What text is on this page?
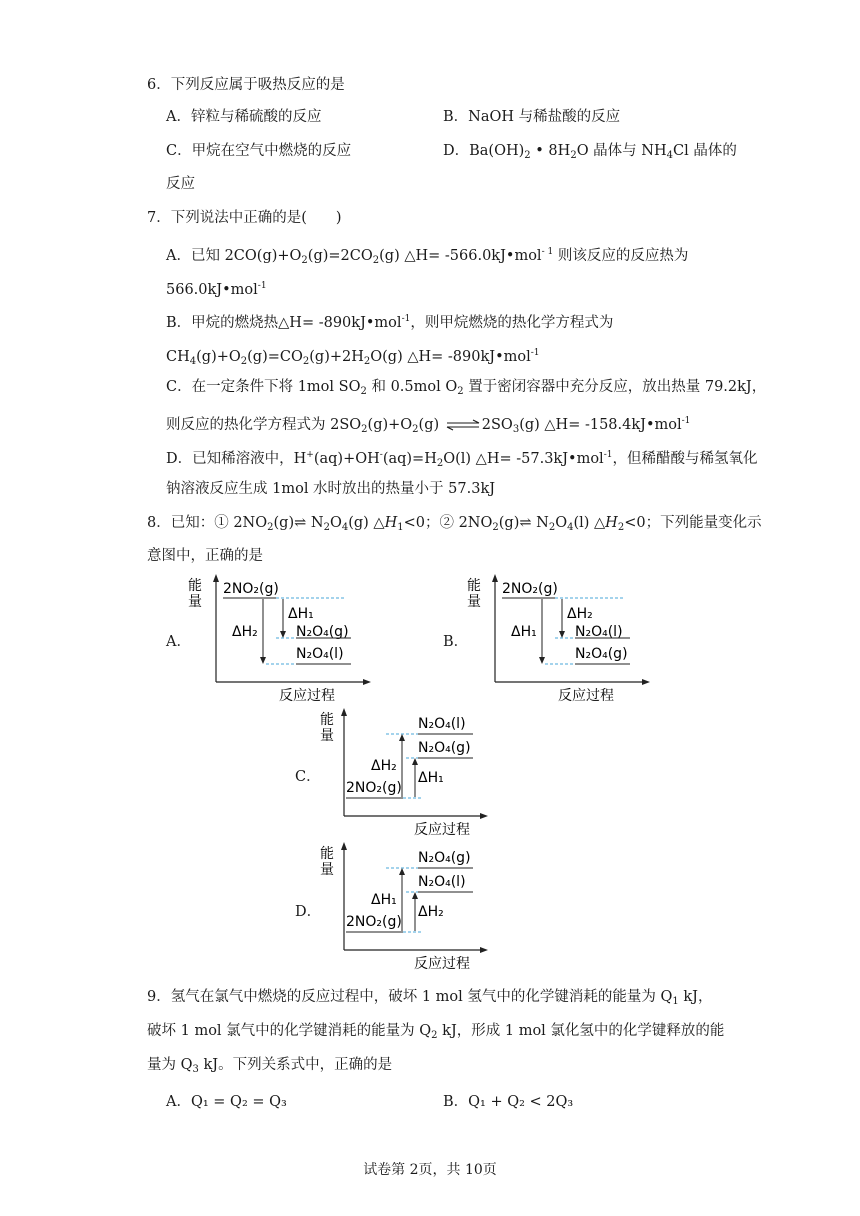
6．下列反应属于吸热反应的是
A．锌粒与稀硫酸的反应	B．NaOH 与稀盐酸的反应
C．甲烷在空气中燃烧的反应	D．$Ba(OH)_2$ • $8H_2O$ 晶体与 $NH_4Cl$ 晶体的
反应
7．下列说法中正确的是(　　)
A．已知 $2CO(g)+O_2(g)=2CO_2(g)$ △H= -566.0kJ•mol$^{- 1}$ 则该反应的反应热为
566.0kJ•mol$^{-1}$
B．甲烷的燃烧热△H= -890kJ•mol$^{-1}$，则甲烷燃烧的热化学方程式为
$CH_4(g)+O_2(g)=CO_2(g)+2H_2O(g)$ △H= -890kJ•mol$^{-1}$
C．在一定条件下将 1mol $SO_2$ 和 0.5mol $O_2$ 置于密闭容器中充分反应，放出热量 79.2kJ，
则反应的热化学方程式为 $2SO_2(g)+O_2(g)$ ⇌ $2SO_3(g)$ △H= -158.4kJ•mol$^{-1}$
D．已知稀溶液中，$H^+(aq)+OH^-(aq)=H_2O(l)$ △H= -57.3kJ•mol$^{-1}$，但稀醋酸与稀氢氧化
钠溶液反应生成 1mol 水时放出的热量小于 57.3kJ
8．已知：① $2NO_2(g)\rightleftharpoons$ $N_2O_4(g)$ $\triangle H_1<0$；② $2NO_2(g)\rightleftharpoons$ $N_2O_4(l)$ $\triangle H_2<0$；下列能量变化示
意图中，正确的是
A．	B．
C．
D．
能
量
反应过程
2NO₂(g)
ΔH₂
ΔH₁
N₂O₄(g)
N₂O₄(l)
能
量
反应过程
2NO₂(g)
ΔH₁
ΔH₂
N₂O₄(l)
N₂O₄(g)
能
量
反应过程
N₂O₄(l)
N₂O₄(g)
ΔH₂
ΔH₁
2NO₂(g)
能
量
反应过程
N₂O₄(g)
N₂O₄(l)
ΔH₁
ΔH₂
2NO₂(g)
9．氢气在氯气中燃烧的反应过程中，破坏 1 mol 氢气中的化学键消耗的能量为 $Q_1$ kJ，
破坏 1 mol 氯气中的化学键消耗的能量为 $Q_2$ kJ，形成 1 mol 氯化氢中的化学键释放的能
量为 $Q_3$ kJ。下列关系式中，正确的是
A．Q₁ = Q₂ = Q₃	B．Q₁ + Q₂ < 2Q₃
试卷第 2页，共 10页
